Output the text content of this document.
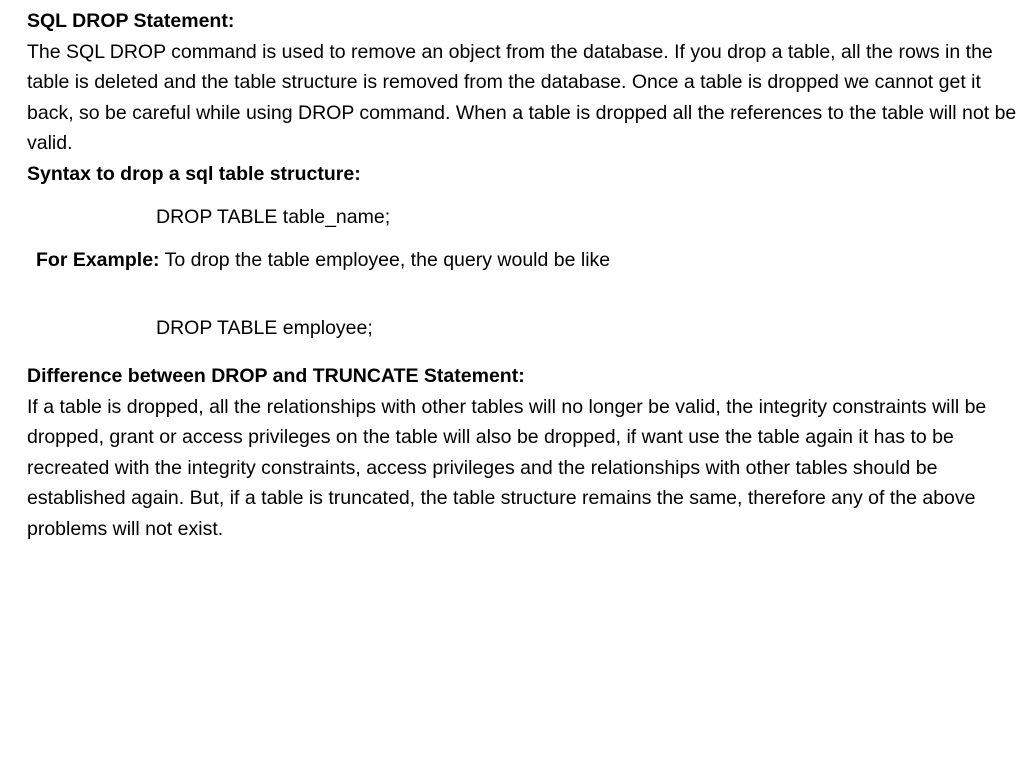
SQL DROP Statement:
The SQL DROP command is used to remove an object from the database. If you drop a table, all the rows in the table is deleted and the table structure is removed from the database. Once a table is dropped we cannot get it back, so be careful while using DROP command. When a table is dropped all the references to the table will not be valid.
Syntax to drop a sql table structure:
DROP TABLE table_name;
For Example: To drop the table employee, the query would be like
DROP TABLE employee;
Difference between DROP and TRUNCATE Statement:
If a table is dropped, all the relationships with other tables will no longer be valid, the integrity constraints will be dropped, grant or access privileges on the table will also be dropped, if want use the table again it has to be recreated with the integrity constraints, access privileges and the relationships with other tables should be established again. But, if a table is truncated, the table structure remains the same, therefore any of the above problems will not exist.
